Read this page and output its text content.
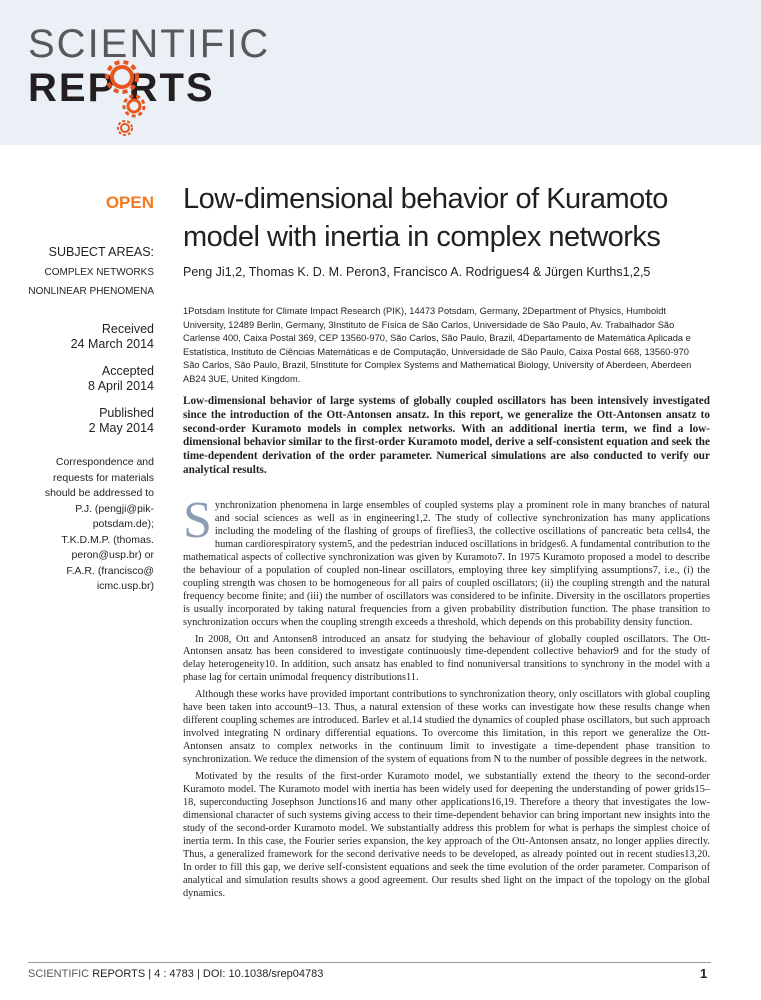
SCIENTIFIC
REP RTS
OPEN
SUBJECT AREAS:
COMPLEX NETWORKS
NONLINEAR PHENOMENA
Received
24 March 2014
Accepted
8 April 2014
Published
2 May 2014
Correspondence and
requests for materials
should be addressed to
P.J. (pengji@pik-
potsdam.de);
T.K.D.M.P. (thomas.
peron@usp.br) or
F.A.R. (francisco@
icmc.usp.br)
Low-dimensional behavior of Kuramoto model with inertia in complex networks
Peng Ji1,2, Thomas K. D. M. Peron3, Francisco A. Rodrigues4 & Jürgen Kurths1,2,5
1Potsdam Institute for Climate Impact Research (PIK), 14473 Potsdam, Germany, 2Department of Physics, Humboldt University, 12489 Berlin, Germany, 3Instituto de Física de São Carlos, Universidade de São Paulo, Av. Trabalhador São Carlense 400, Caixa Postal 369, CEP 13560-970, São Carlos, São Paulo, Brazil, 4Departamento de Matemática Aplicada e Estatística, Instituto de Ciências Matemáticas e de Computação, Universidade de São Paulo, Caixa Postal 668, 13560-970 São Carlos, São Paulo, Brazil, 5Institute for Complex Systems and Mathematical Biology, University of Aberdeen, Aberdeen AB24 3UE, United Kingdom.
Low-dimensional behavior of large systems of globally coupled oscillators has been intensively investigated since the introduction of the Ott-Antonsen ansatz. In this report, we generalize the Ott-Antonsen ansatz to second-order Kuramoto models in complex networks. With an additional inertia term, we find a low-dimensional behavior similar to the first-order Kuramoto model, derive a self-consistent equation and seek the time-dependent derivation of the order parameter. Numerical simulations are also conducted to verify our analytical results.

Synchronization phenomena in large ensembles of coupled systems play a prominent role in many branches of natural and social sciences as well as in engineering1,2. The study of collective synchronization has many applications including the modeling of the flashing of groups of fireflies3, the collective oscillations of pancreatic beta cells4, the human cardiorespiratory system5, and the pedestrian induced oscillations in bridges6. A fundamental contribution to the mathematical aspects of collective synchronization was given by Kuramoto7. In 1975 Kuramoto proposed a model to describe the behaviour of a population of coupled non-linear oscillators, employing three key simplifying assumptions7, i.e., (i) the coupling strength was chosen to be homogeneous for all pairs of coupled oscillators; (ii) the coupling strength and the natural frequency become finite; and (iii) the number of oscillators was considered to be infinite. Diversity in the oscillators properties is usually incorporated by taking natural frequencies from a given probability distribution function. The phase transition to synchronization occurs when the coupling strength exceeds a threshold, which depends on this probability density function.

In 2008, Ott and Antonsen8 introduced an ansatz for studying the behaviour of globally coupled oscillators. The Ott-Antonsen ansatz has been considered to investigate continuously time-dependent collective behavior9 and for the study of delay heterogeneity10. In addition, such ansatz has enabled to find nonuniversal transitions to synchrony in the model with a phase lag for certain unimodal frequency distributions11.

Although these works have provided important contributions to synchronization theory, only oscillators with global coupling have been taken into account9–13. Thus, a natural extension of these works can investigate how these results change when different coupling schemes are introduced. Barlev et al.14 studied the dynamics of coupled phase oscillators, but such approach involved integrating N ordinary differential equations. To overcome this limitation, in this report we generalize the Ott-Antonsen ansatz to complex networks in the continuum limit to investigate a time-dependent phase transition to synchronization. We reduce the dimension of the system of equations from N to the number of possible degrees in the network.

Motivated by the results of the first-order Kuramoto model, we substantially extend the theory to the second-order Kuramoto model. The Kuramoto model with inertia has been widely used for deepening the understanding of power grids15–18, superconducting Josephson Junctions16 and many other applications16,19. Therefore a theory that investigates the low-dimensional character of such systems giving access to their time-dependent behavior can bring important new insights into the study of the second-order Kuramoto model. We substantially address this problem for what is perhaps the simplest choice of inertia term. In this case, the Fourier series expansion, the key approach of the Ott-Antonsen ansatz, no longer applies directly. Thus, a generalized framework for the second derivative needs to be developed, as already pointed out in recent studies13,20. In order to fill this gap, we derive self-consistent equations and seek the time evolution of the order parameter. Comparison of analytical and simulation results shows a good agreement. Our results shed light on the impact of the topology on the global dynamics.

SCIENTIFIC REPORTS | 4 : 4783 | DOI: 10.1038/srep04783	1
